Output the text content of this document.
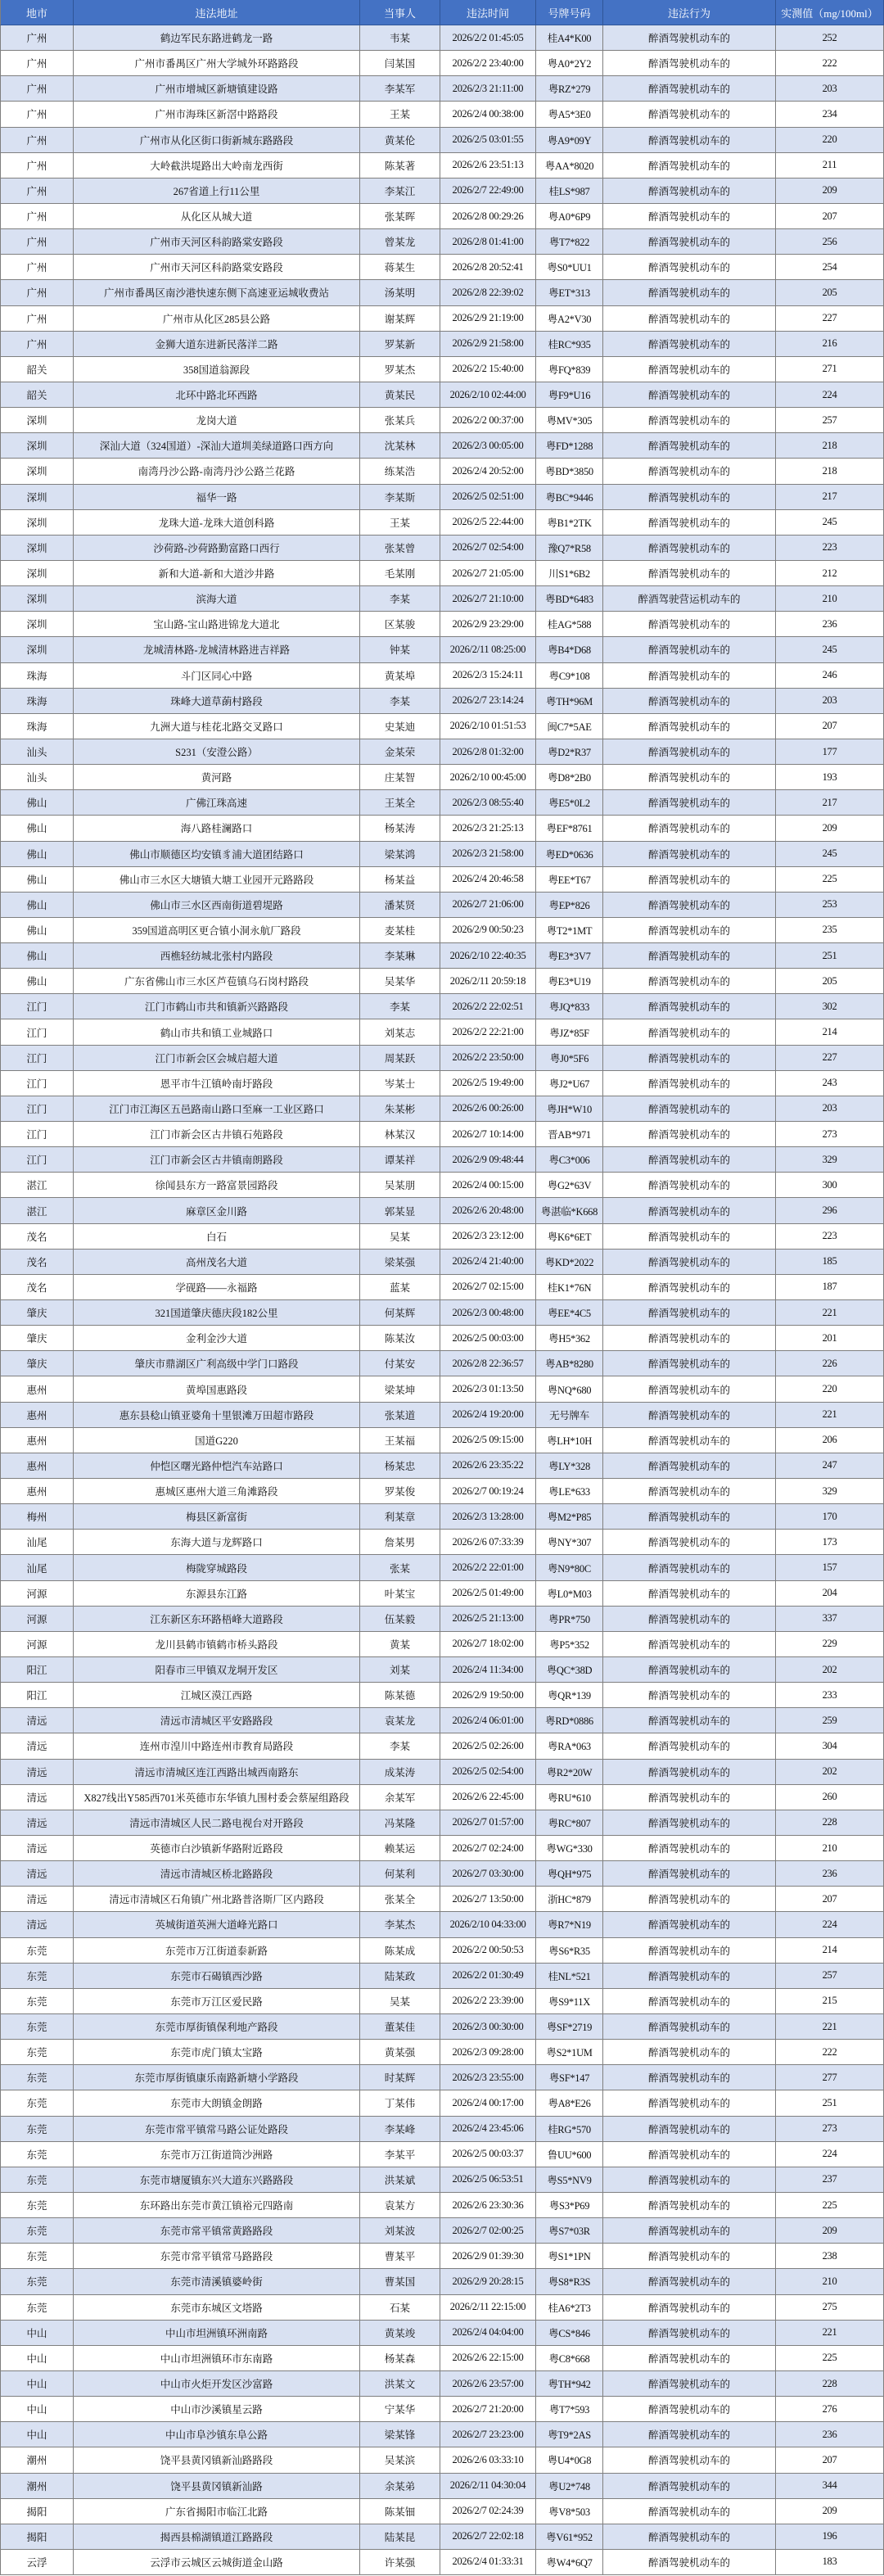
地市	违法地址	当事人	违法时间	号牌号码	违法行为	实测值（mg/100ml）
广州	鹤边军民东路进鹤龙一路	韦某	2026/2/2 01:45:05	桂A4*K00	醉酒驾驶机动车的	252
广州	广州市番禺区广州大学城外环路路段	闫某国	2026/2/2 23:40:00	粤A0*2Y2	醉酒驾驶机动车的	222
广州	广州市增城区新塘镇建设路	李某军	2026/2/3 21:11:00	粤RZ*279	醉酒驾驶机动车的	203
广州	广州市海珠区新滘中路路段	王某	2026/2/4 00:38:00	粤A5*3E0	醉酒驾驶机动车的	234
广州	广州市从化区街口街新城东路路段	黄某伦	2026/2/5 03:01:55	粤A9*09Y	醉酒驾驶机动车的	220
广州	大岭截洪堤路出大岭南龙西街	陈某著	2026/2/6 23:51:13	粤AA*8020	醉酒驾驶机动车的	211
广州	267省道上行11公里	李某江	2026/2/7 22:49:00	桂LS*987	醉酒驾驶机动车的	209
广州	从化区从城大道	张某晖	2026/2/8 00:29:26	粤A0*6P9	醉酒驾驶机动车的	207
广州	广州市天河区科韵路棠安路段	曾某龙	2026/2/8 01:41:00	粤T7*822	醉酒驾驶机动车的	256
广州	广州市天河区科韵路棠安路段	蒋某生	2026/2/8 20:52:41	粤S0*UU1	醉酒驾驶机动车的	254
广州	广州市番禺区南沙港快速东侧下高速亚运城收费站	汤某明	2026/2/8 22:39:02	粤ET*313	醉酒驾驶机动车的	205
广州	广州市从化区285县公路	谢某辉	2026/2/9 21:19:00	粤A2*V30	醉酒驾驶机动车的	227
广州	金狮大道东进新民落洋二路	罗某新	2026/2/9 21:58:00	桂RC*935	醉酒驾驶机动车的	216
韶关	358国道翁源段	罗某杰	2026/2/2 15:40:00	粤FQ*839	醉酒驾驶机动车的	271
韶关	北环中路北环西路	黄某民	2026/2/10 02:44:00	粤F9*U16	醉酒驾驶机动车的	224
深圳	龙岗大道	张某兵	2026/2/2 00:37:00	粤MV*305	醉酒驾驶机动车的	257
深圳	深汕大道（324国道）-深汕大道圳美绿道路口西方向	沈某林	2026/2/3 00:05:00	粤FD*1288	醉酒驾驶机动车的	218
深圳	南湾丹沙公路-南湾丹沙公路兰花路	练某浩	2026/2/4 20:52:00	粤BD*3850	醉酒驾驶机动车的	218
深圳	福华一路	李某斯	2026/2/5 02:51:00	粤BC*9446	醉酒驾驶机动车的	217
深圳	龙珠大道-龙珠大道创科路	王某	2026/2/5 22:44:00	粤B1*2TK	醉酒驾驶机动车的	245
深圳	沙荷路-沙荷路勤富路口西行	张某曾	2026/2/7 02:54:00	豫Q7*R58	醉酒驾驶机动车的	223
深圳	新和大道-新和大道沙井路	毛某刚	2026/2/7 21:05:00	川S1*6B2	醉酒驾驶机动车的	212
深圳	滨海大道	李某	2026/2/7 21:10:00	粤BD*6483	醉酒驾驶营运机动车的	210
深圳	宝山路-宝山路进锦龙大道北	区某骏	2026/2/9 23:29:00	桂AG*588	醉酒驾驶机动车的	236
深圳	龙城清林路-龙城清林路进吉祥路	钟某	2026/2/11 08:25:00	粤B4*D68	醉酒驾驶机动车的	245
珠海	斗门区同心中路	黄某埠	2026/2/3 15:24:11	粤C9*108	醉酒驾驶机动车的	246
珠海	珠峰大道草蓢村路段	李某	2026/2/7 23:14:24	粤TH*96M	醉酒驾驶机动车的	203
珠海	九洲大道与桂花北路交叉路口	史某迪	2026/2/10 01:51:53	闽C7*5AE	醉酒驾驶机动车的	207
汕头	S231（安澄公路）	金某荣	2026/2/8 01:32:00	粤D2*R37	醉酒驾驶机动车的	177
汕头	黄河路	庄某智	2026/2/10 00:45:00	粤D8*2B0	醉酒驾驶机动车的	193
佛山	广佛江珠高速	王某全	2026/2/3 08:55:40	粤E5*0L2	醉酒驾驶机动车的	217
佛山	海八路桂澜路口	杨某涛	2026/2/3 21:25:13	粤EF*8761	醉酒驾驶机动车的	209
佛山	佛山市顺德区均安镇豸浦大道团结路口	梁某鸿	2026/2/3 21:58:00	粤ED*0636	醉酒驾驶机动车的	245
佛山	佛山市三水区大塘镇大塘工业园开元路路段	杨某益	2026/2/4 20:46:58	粤EE*T67	醉酒驾驶机动车的	225
佛山	佛山市三水区西南街道碧堤路	潘某贤	2026/2/7 21:06:00	粤EP*826	醉酒驾驶机动车的	253
佛山	359国道高明区更合镇小洞永航厂路段	麦某桂	2026/2/9 00:50:23	粤T2*1MT	醉酒驾驶机动车的	235
佛山	西樵轻纺城北张村内路段	李某琳	2026/2/10 22:40:35	粤E3*3V7	醉酒驾驶机动车的	251
佛山	广东省佛山市三水区芦苞镇乌石岗村路段	吴某华	2026/2/11 20:59:18	粤E3*U19	醉酒驾驶机动车的	205
江门	江门市鹤山市共和镇新兴路路段	李某	2026/2/2 22:02:51	粤JQ*833	醉酒驾驶机动车的	302
江门	鹤山市共和镇工业城路口	刘某志	2026/2/2 22:21:00	粤JZ*85F	醉酒驾驶机动车的	214
江门	江门市新会区会城启超大道	周某跃	2026/2/2 23:50:00	粤J0*5F6	醉酒驾驶机动车的	227
江门	恩平市牛江镇岭南圩路段	岑某士	2026/2/5 19:49:00	粤J2*U67	醉酒驾驶机动车的	243
江门	江门市江海区五邑路南山路口至麻一工业区路口	朱某彬	2026/2/6 00:26:00	粤JH*W10	醉酒驾驶机动车的	203
江门	江门市新会区古井镇石苑路段	林某汉	2026/2/7 10:14:00	晋AB*971	醉酒驾驶机动车的	273
江门	江门市新会区古井镇南朗路段	谭某祥	2026/2/9 09:48:44	粤C3*006	醉酒驾驶机动车的	329
湛江	徐闻县东方一路富景园路段	吴某朋	2026/2/4 00:15:00	粤G2*63V	醉酒驾驶机动车的	300
湛江	麻章区金川路	郭某显	2026/2/6 20:48:00	粤湛临*K668	醉酒驾驶机动车的	296
茂名	白石	吴某	2026/2/3 23:12:00	粤K6*6ET	醉酒驾驶机动车的	223
茂名	高州茂名大道	梁某强	2026/2/4 21:40:00	粤KD*2022	醉酒驾驶机动车的	185
茂名	学砚路——永福路	蓝某	2026/2/7 02:15:00	桂K1*76N	醉酒驾驶机动车的	187
肇庆	321国道肇庆德庆段182公里	何某辉	2026/2/3 00:48:00	粤EE*4C5	醉酒驾驶机动车的	221
肇庆	金利金沙大道	陈某汝	2026/2/5 00:03:00	粤H5*362	醉酒驾驶机动车的	201
肇庆	肇庆市鼎湖区广利高级中学门口路段	付某安	2026/2/8 22:36:57	粤AB*8280	醉酒驾驶机动车的	226
惠州	黄埠国惠路段	梁某坤	2026/2/3 01:13:50	粤NQ*680	醉酒驾驶机动车的	220
惠州	惠东县稔山镇亚婆角十里银滩万田超市路段	张某道	2026/2/4 19:20:00	无号牌车	醉酒驾驶机动车的	221
惠州	国道G220	王某福	2026/2/5 09:15:00	粤LH*10H	醉酒驾驶机动车的	206
惠州	仲恺区曙光路仲恺汽车站路口	杨某忠	2026/2/6 23:35:22	粤LY*328	醉酒驾驶机动车的	247
惠州	惠城区惠州大道三角滩路段	罗某俊	2026/2/7 00:19:24	粤LE*633	醉酒驾驶机动车的	329
梅州	梅县区新富街	利某章	2026/2/3 13:28:00	粤M2*P85	醉酒驾驶机动车的	170
汕尾	东海大道与龙辉路口	詹某男	2026/2/6 07:33:39	粤NY*307	醉酒驾驶机动车的	173
汕尾	梅陇穿城路段	张某	2026/2/2 22:01:00	粤N9*80C	醉酒驾驶机动车的	157
河源	东源县东江路	叶某宝	2026/2/5 01:49:00	粤L0*M03	醉酒驾驶机动车的	204
河源	江东新区东环路梧峰大道路段	伍某毅	2026/2/5 21:13:00	粤PR*750	醉酒驾驶机动车的	337
河源	龙川县鹤市镇鹤市桥头路段	黄某	2026/2/7 18:02:00	粤P5*352	醉酒驾驶机动车的	229
阳江	阳春市三甲镇双龙垌开发区	刘某	2026/2/4 11:34:00	粤QC*38D	醉酒驾驶机动车的	202
阳江	江城区漠江西路	陈某德	2026/2/9 19:50:00	粤QR*139	醉酒驾驶机动车的	233
清远	清远市清城区平安路路段	袁某龙	2026/2/4 06:01:00	粤RD*0886	醉酒驾驶机动车的	259
清远	连州市湟川中路连州市教育局路段	李某	2026/2/5 02:26:00	粤RA*063	醉酒驾驶机动车的	304
清远	清远市清城区连江西路出城西南路东	成某涛	2026/2/5 02:54:00	粤R2*20W	醉酒驾驶机动车的	202
清远	X827线出Y585西701米英德市东华镇九围村委会蔡屋组路段	余某军	2026/2/6 22:45:00	粤RU*610	醉酒驾驶机动车的	260
清远	清远市清城区人民二路电视台对开路段	冯某隆	2026/2/7 01:57:00	粤RC*807	醉酒驾驶机动车的	228
清远	英德市白沙镇新华路附近路段	赖某运	2026/2/7 02:24:00	粤WG*330	醉酒驾驶机动车的	210
清远	清远市清城区桥北路路段	何某利	2026/2/7 03:30:00	粤QH*975	醉酒驾驶机动车的	236
清远	清远市清城区石角镇广州北路普洛斯厂区内路段	张某全	2026/2/7 13:50:00	浙HC*879	醉酒驾驶机动车的	207
清远	英城街道英洲大道峰光路口	李某杰	2026/2/10 04:33:00	粤R7*N19	醉酒驾驶机动车的	224
东莞	东莞市万江街道泰新路	陈某成	2026/2/2 00:50:53	粤S6*R35	醉酒驾驶机动车的	214
东莞	东莞市石碣镇西沙路	陆某政	2026/2/2 01:30:49	桂NL*521	醉酒驾驶机动车的	257
东莞	东莞市万江区爱民路	吴某	2026/2/2 23:39:00	粤S9*11X	醉酒驾驶机动车的	215
东莞	东莞市厚街镇保利地产路段	董某佳	2026/2/3 00:30:00	粤SF*2719	醉酒驾驶机动车的	221
东莞	东莞市虎门镇太宝路	黄某强	2026/2/3 09:28:00	粤S2*1UM	醉酒驾驶机动车的	222
东莞	东莞市厚街镇康乐南路新塘小学路段	时某辉	2026/2/3 23:55:00	粤SF*147	醉酒驾驶机动车的	277
东莞	东莞市大朗镇金朗路	丁某伟	2026/2/4 00:17:00	粤A8*E26	醉酒驾驶机动车的	251
东莞	东莞市常平镇常马路公证处路段	李某峰	2026/2/4 23:45:06	桂RG*570	醉酒驾驶机动车的	273
东莞	东莞市万江街道筒沙洲路	李某平	2026/2/5 00:03:37	鲁UU*600	醉酒驾驶机动车的	224
东莞	东莞市塘厦镇东兴大道东兴路路段	洪某斌	2026/2/5 06:53:51	粤S5*NV9	醉酒驾驶机动车的	237
东莞	东环路出东莞市黄江镇裕元四路南	袁某方	2026/2/6 23:30:36	粤S3*P69	醉酒驾驶机动车的	225
东莞	东莞市常平镇常黄路路段	刘某波	2026/2/7 02:00:25	粤S7*03R	醉酒驾驶机动车的	209
东莞	东莞市常平镇常马路路段	曹某平	2026/2/9 01:39:30	粤S1*1PN	醉酒驾驶机动车的	238
东莞	东莞市清溪镇婆岭街	曹某国	2026/2/9 20:28:15	粤S8*R3S	醉酒驾驶机动车的	210
东莞	东莞市东城区文塔路	石某	2026/2/11 22:15:00	桂A6*2T3	醉酒驾驶机动车的	275
中山	中山市坦洲镇环洲南路	黄某竣	2026/2/4 04:04:00	粤CS*846	醉酒驾驶机动车的	221
中山	中山市坦洲镇环市东南路	杨某森	2026/2/6 22:15:00	粤C8*668	醉酒驾驶机动车的	225
中山	中山市火炬开发区沙富路	洪某文	2026/2/6 23:57:00	粤TH*942	醉酒驾驶机动车的	228
中山	中山市沙溪镇星云路	宁某华	2026/2/7 21:20:00	粤T7*593	醉酒驾驶机动车的	276
中山	中山市阜沙镇东阜公路	梁某锋	2026/2/7 23:23:00	粤T9*2AS	醉酒驾驶机动车的	236
潮州	饶平县黄冈镇新汕路路段	吴某滨	2026/2/6 03:33:10	粤U4*0G8	醉酒驾驶机动车的	207
潮州	饶平县黄冈镇新汕路	余某弟	2026/2/11 04:30:04	粤U2*748	醉酒驾驶机动车的	344
揭阳	广东省揭阳市临江北路	陈某钿	2026/2/7 02:24:39	粤V8*503	醉酒驾驶机动车的	209
揭阳	揭西县棉湖镇道江路路段	陆某昆	2026/2/7 22:02:18	粤V61*952	醉酒驾驶机动车的	196
云浮	云浮市云城区云城街道金山路	许某强	2026/2/4 01:33:31	粤W4*6Q7	醉酒驾驶机动车的	183
